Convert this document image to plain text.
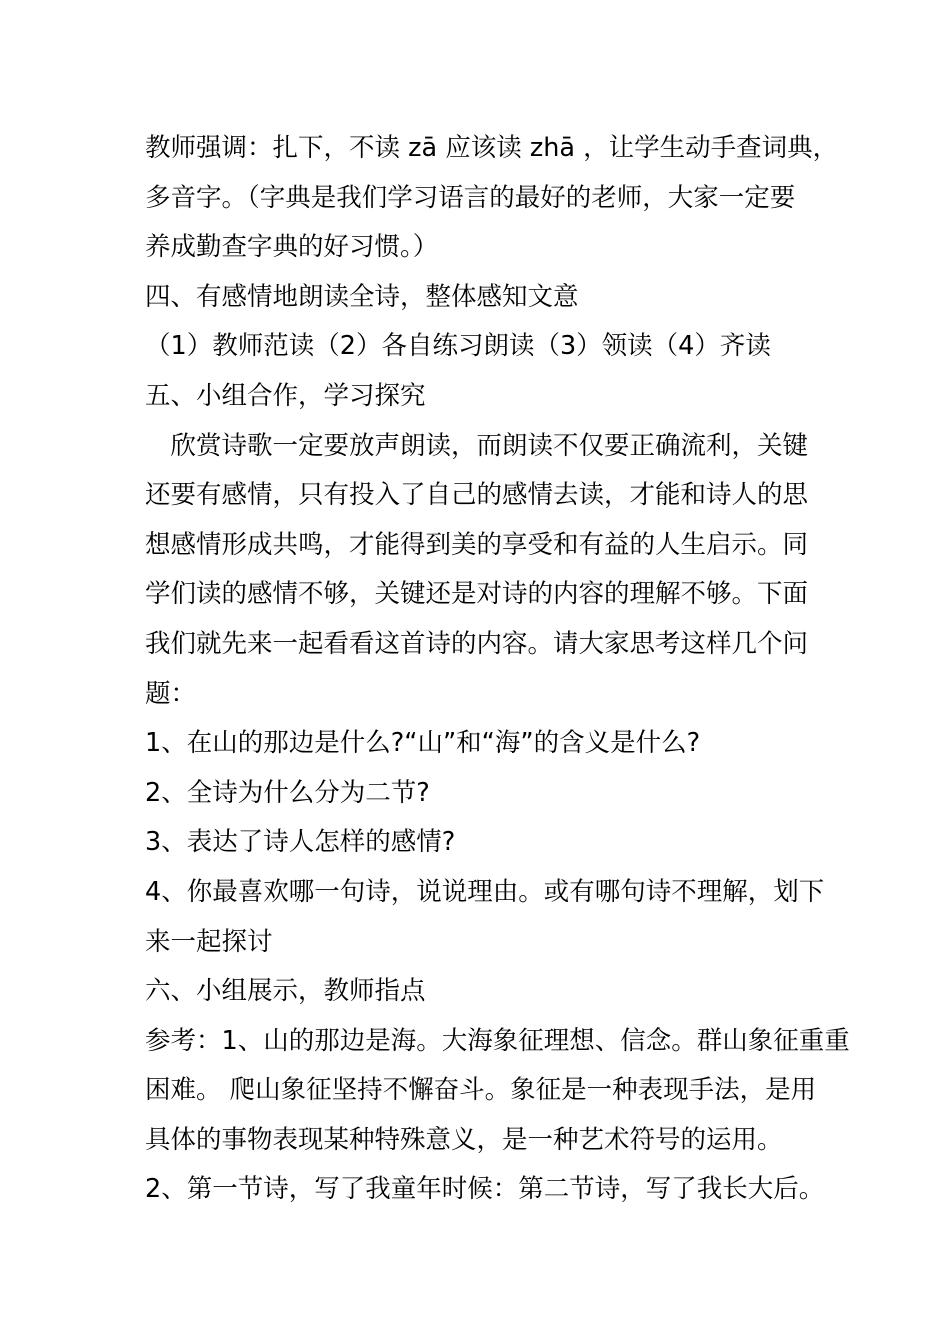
教师强调：扎下，不读 zā 应该读 zhā ，让学生动手查词典，
多音字。（字典是我们学习语言的最好的老师，大家一定要
养成勤查字典的好习惯。）
四、有感情地朗读全诗，整体感知文意
（1）教师范读（2）各自练习朗读（3）领读（4）齐读
五、小组合作，学习探究
　欣赏诗歌一定要放声朗读，而朗读不仅要正确流利，关键
还要有感情，只有投入了自己的感情去读，才能和诗人的思
想感情形成共鸣，才能得到美的享受和有益的人生启示。同
学们读的感情不够，关键还是对诗的内容的理解不够。下面
我们就先来一起看看这首诗的内容。请大家思考这样几个问
题：
1、在山的那边是什么?“山”和“海”的含义是什么?
2、全诗为什么分为二节?
3、表达了诗人怎样的感情?
4、你最喜欢哪一句诗，说说理由。或有哪句诗不理解，划下
来一起探讨
六、小组展示，教师指点
参考：1、山的那边是海。大海象征理想、信念。群山象征重重
困难。 爬山象征坚持不懈奋斗。象征是一种表现手法，是用
具体的事物表现某种特殊意义，是一种艺术符号的运用。
2、第一节诗，写了我童年时候：第二节诗，写了我长大后。
